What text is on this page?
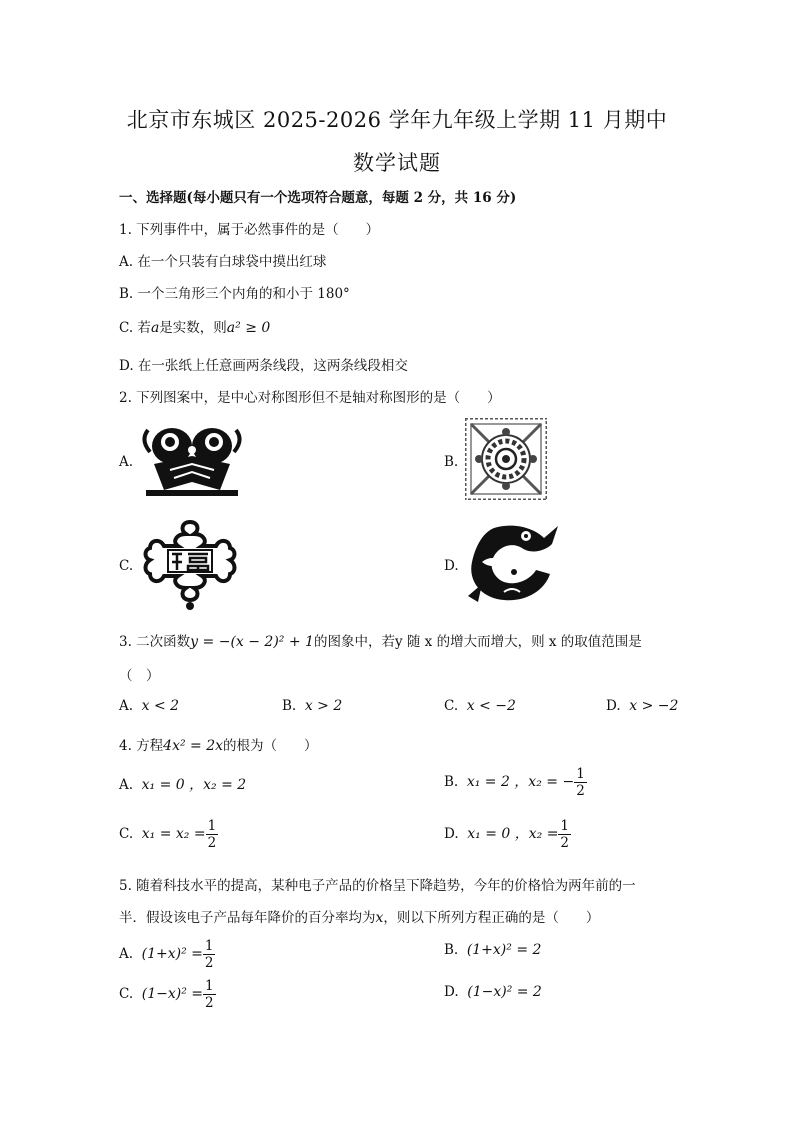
北京市东城区 2025-2026 学年九年级上学期 11 月期中
数学试题
一、选择题(每小题只有一个选项符合题意，每题 2 分，共 16 分)
1. 下列事件中，属于必然事件的是（　　）
A. 在一个只装有白球袋中摸出红球
B. 一个三角形三个内角的和小于 180°
C. 若a是实数，则a² ≥ 0
D. 在一张纸上任意画两条线段，这两条线段相交
2. 下列图案中，是中心对称图形但不是轴对称图形的是（　　）
A.	B.
C.	D.
3. 二次函数y = −(x − 2)² + 1的图象中，若y 随 x 的增大而增大，则 x 的取值范围是
（　）
A. x < 2	B. x > 2	C. x < −2	D. x > −2
4. 方程4x² = 2x的根为（　　）
A. x₁ = 0 ，x₂ = 2	B. x₁ = 2 ，x₂ = − $\frac{1}{2}$
C. $x_1 = x_2 = \frac{1}{2}$	D. x₁ = 0 ，$x_2 = \frac{1}{2}$
5. 随着科技水平的提高，某种电子产品的价格呈下降趋势，今年的价格恰为两年前的一
半．假设该电子产品每年降价的百分率均为x，则以下所列方程正确的是（　　）
A. $(1+x)^2 = \frac{1}{2}$	B. (1+x)² = 2
C. $(1-x)^2 = \frac{1}{2}$	D. (1−x)² = 2
